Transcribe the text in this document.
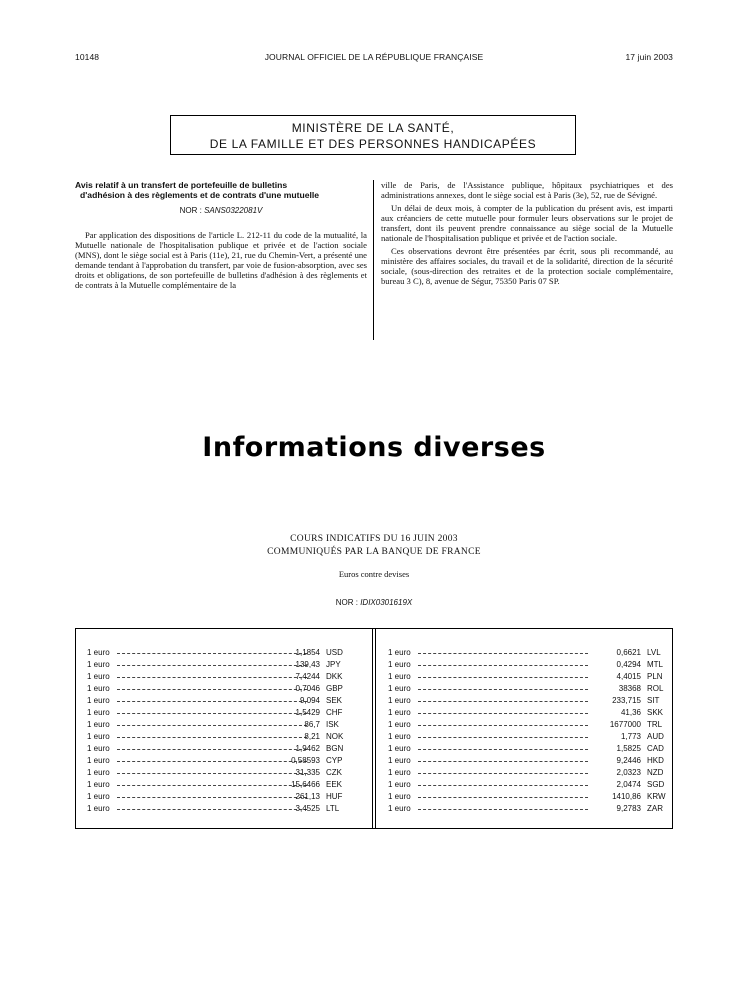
10148	JOURNAL OFFICIEL DE LA RÉPUBLIQUE FRANÇAISE	17 juin 2003
MINISTÈRE DE LA SANTÉ,
DE LA FAMILLE ET DES PERSONNES HANDICAPÉES
Avis relatif à un transfert de portefeuille de bulletins
d'adhésion à des règlements et de contrats d'une mutuelle
NOR : SANS0322081V

Par application des dispositions de l'article L. 212-11 du code de la mutualité, la Mutuelle nationale de l'hospitalisation publique et privée et de l'action sociale (MNS), dont le siège social est à Paris (11e), 21, rue du Chemin-Vert, a présenté une demande tendant à l'approbation du transfert, par voie de fusion-absorption, avec ses droits et obligations, de son portefeuille de bulletins d'adhésion à des règlements et de contrats à la Mutuelle complémentaire de la

ville de Paris, de l'Assistance publique, hôpitaux psychiatriques et des administrations annexes, dont le siège social est à Paris (3e), 52, rue de Sévigné.

Un délai de deux mois, à compter de la publication du présent avis, est imparti aux créanciers de cette mutuelle pour formuler leurs observations sur le projet de transfert, dont ils peuvent prendre connaissance au siège social de la Mutuelle nationale de l'hospitalisation publique et privée et de l'action sociale.

Ces observations devront être présentées par écrit, sous pli recommandé, au ministère des affaires sociales, du travail et de la solidarité, direction de la sécurité sociale, (sous-direction des retraites et de la protection sociale complémentaire, bureau 3 C), 8, avenue de Ségur, 75350 Paris 07 SP.

Informations diverses
COURS INDICATIFS DU 16 JUIN 2003
COMMUNIQUÉS PAR LA BANQUE DE FRANCE
Euros contre devises
NOR : IDIX0301619X
1 euro	1,1854 USD
1 euro	139,43 JPY
1 euro	7,4244 DKK
1 euro	0,7046 GBP
1 euro	9,094 SEK
1 euro	1,5429 CHF
1 euro	86,7 ISK
1 euro	8,21 NOK
1 euro	1,9462 BGN
1 euro	0,58593 CYP
1 euro	31,335 CZK
1 euro	15,6466 EEK
1 euro	261,13 HUF
1 euro	3,4525 LTL
1 euro	0,6621 LVL
1 euro	0,4294 MTL
1 euro	4,4015 PLN
1 euro	38368 ROL
1 euro	233,715 SIT
1 euro	41,36 SKK
1 euro	1677000 TRL
1 euro	1,773 AUD
1 euro	1,5825 CAD
1 euro	9,2446 HKD
1 euro	2,0323 NZD
1 euro	2,0474 SGD
1 euro	1410,86 KRW
1 euro	9,2783 ZAR
